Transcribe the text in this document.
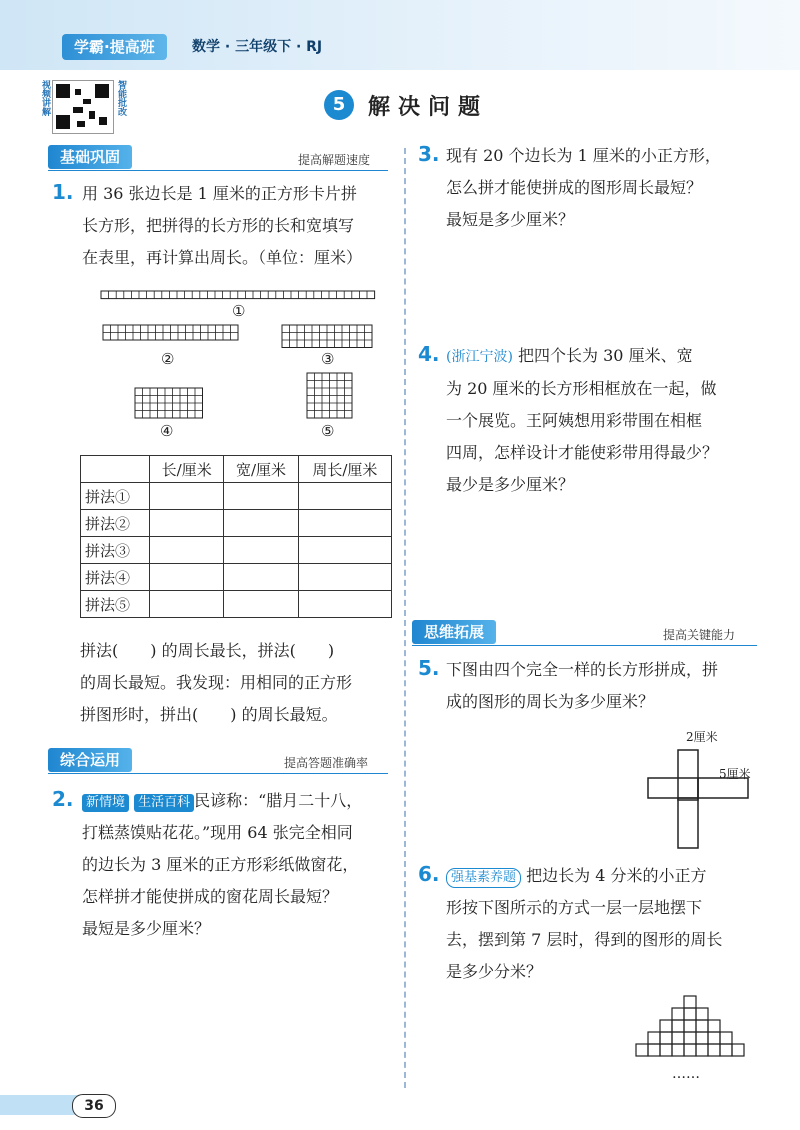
学霸·提高班	数学 · 三年级下 · RJ
视频讲解	智能批改	5	解决问题
基础巩固	提高解题速度
1. 用 36 张边长是 1 厘米的正方形卡片拼
长方形，把拼得的长方形的长和宽填写
在表里，再计算出周长。（单位：厘米）
①
②	③
④	⑤
	长/厘米	宽/厘米	周长/厘米
拼法①			
拼法②			
拼法③			
拼法④			
拼法⑤			
拼法(　　) 的周长最长，拼法(　　)
的周长最短。我发现：用相同的正方形
拼图形时，拼出(　　) 的周长最短。
综合运用	提高答题准确率
2. 新情境 生活百科 民谚称：“腊月二十八，
打糕蒸馍贴花花。”现用 64 张完全相同
的边长为 3 厘米的正方形彩纸做窗花，
怎样拼才能使拼成的窗花周长最短？
最短是多少厘米？
3. 现有 20 个边长为 1 厘米的小正方形，
怎么拼才能使拼成的图形周长最短？
最短是多少厘米？
4. (浙江宁波) 把四个长为 30 厘米、宽
为 20 厘米的长方形相框放在一起，做
一个展览。王阿姨想用彩带围在相框
四周，怎样设计才能使彩带用得最少？
最少是多少厘米？
思维拓展	提高关键能力
5. 下图由四个完全一样的长方形拼成，拼
成的图形的周长为多少厘米？
2厘米
5厘米
6. 强基素养题 把边长为 4 分米的小正方
形按下图所示的方式一层一层地摆下
去，摆到第 7 层时，得到的图形的周长
是多少分米？
……
36
